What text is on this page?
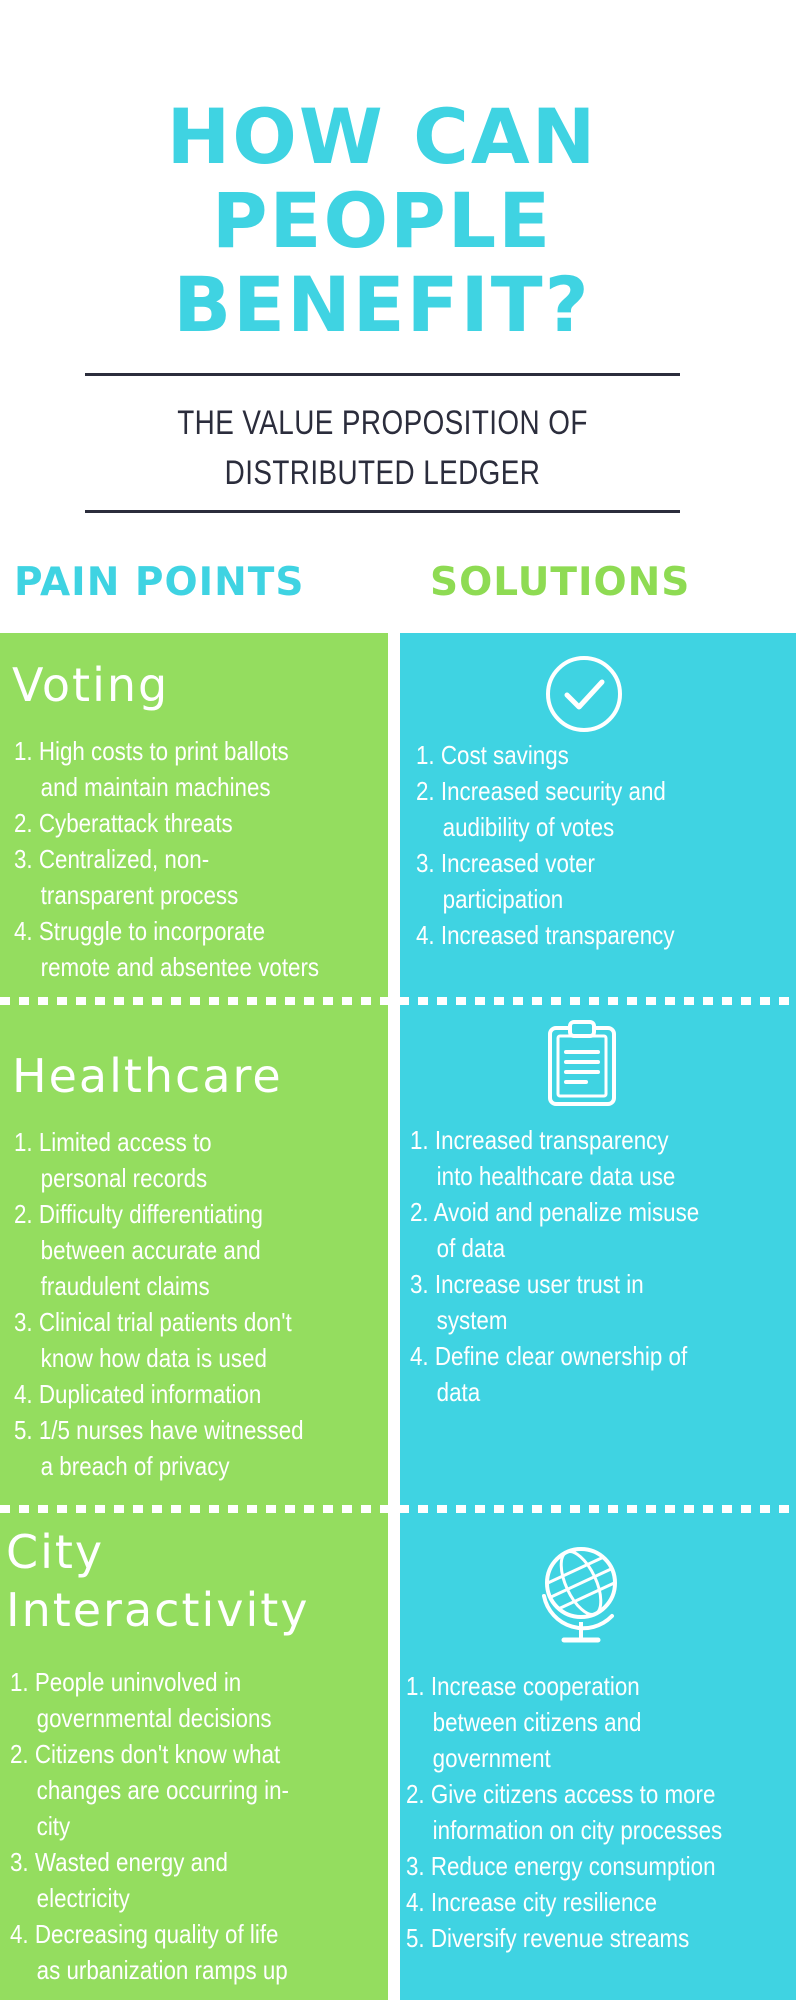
HOW CAN
PEOPLE
BENEFIT?
THE VALUE PROPOSITION OF DISTRIBUTED LEDGER
PAIN POINTS	SOLUTIONS
Voting
1. High costs to print ballots
and maintain machines
2. Cyberattack threats
3. Centralized, non-
transparent process
4. Struggle to incorporate
remote and absentee voters
1. Cost savings
2. Increased security and
audibility of votes
3. Increased voter
participation
4. Increased transparency
Healthcare
1. Limited access to
personal records
2. Difficulty differentiating
between accurate and
fraudulent claims
3. Clinical trial patients don't
know how data is used
4. Duplicated information
5. 1/5 nurses have witnessed
a breach of privacy
1. Increased transparency
into healthcare data use
2. Avoid and penalize misuse
of data
3. Increase user trust in
system
4. Define clear ownership of
data
City
Interactivity
1. People uninvolved in
governmental decisions
2. Citizens don't know what
changes are occurring in-
city
3. Wasted energy and
electricity
4. Decreasing quality of life
as urbanization ramps up
1. Increase cooperation
between citizens and
government
2. Give citizens access to more
information on city processes
3. Reduce energy consumption
4. Increase city resilience
5. Diversify revenue streams
